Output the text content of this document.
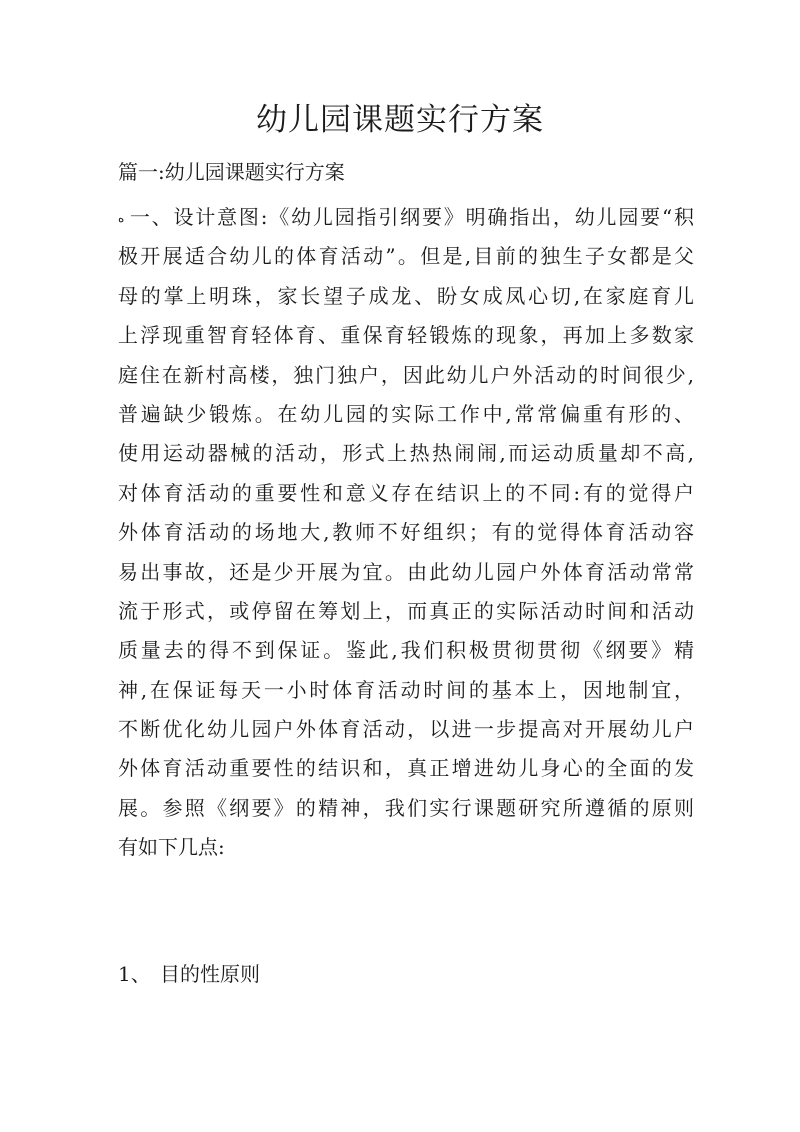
幼儿园课题实行方案

篇一:幼儿园课题实行方案

ﻩ 一、设计意图:《幼儿园指引纲要》明确指出，幼儿园要“积
极开展适合幼儿的体育活动”。但是,目前的独生子女都是父
母的掌上明珠，家长望子成龙、盼女成凤心切,在家庭育儿
上浮现重智育轻体育、重保育轻锻炼的现象，再加上多数家
庭住在新村高楼，独门独户，因此幼儿户外活动的时间很少,
普遍缺少锻炼。在幼儿园的实际工作中,常常偏重有形的、
使用运动器械的活动，形式上热热闹闹,而运动质量却不高,
对体育活动的重要性和意义存在结识上的不同:有的觉得户
外体育活动的场地大,教师不好组织；有的觉得体育活动容
易出事故，还是少开展为宜。由此幼儿园户外体育活动常常
流于形式，或停留在筹划上，而真正的实际活动时间和活动
质量去的得不到保证。鉴此,我们积极贯彻贯彻《纲要》精
神,在保证每天一小时体育活动时间的基本上，因地制宜，
不断优化幼儿园户外体育活动，以进一步提高对开展幼儿户
外体育活动重要性的结识和，真正增进幼儿身心的全面的发
展。参照《纲要》的精神，我们实行课题研究所遵循的原则
有如下几点:

1、 目的性原则
